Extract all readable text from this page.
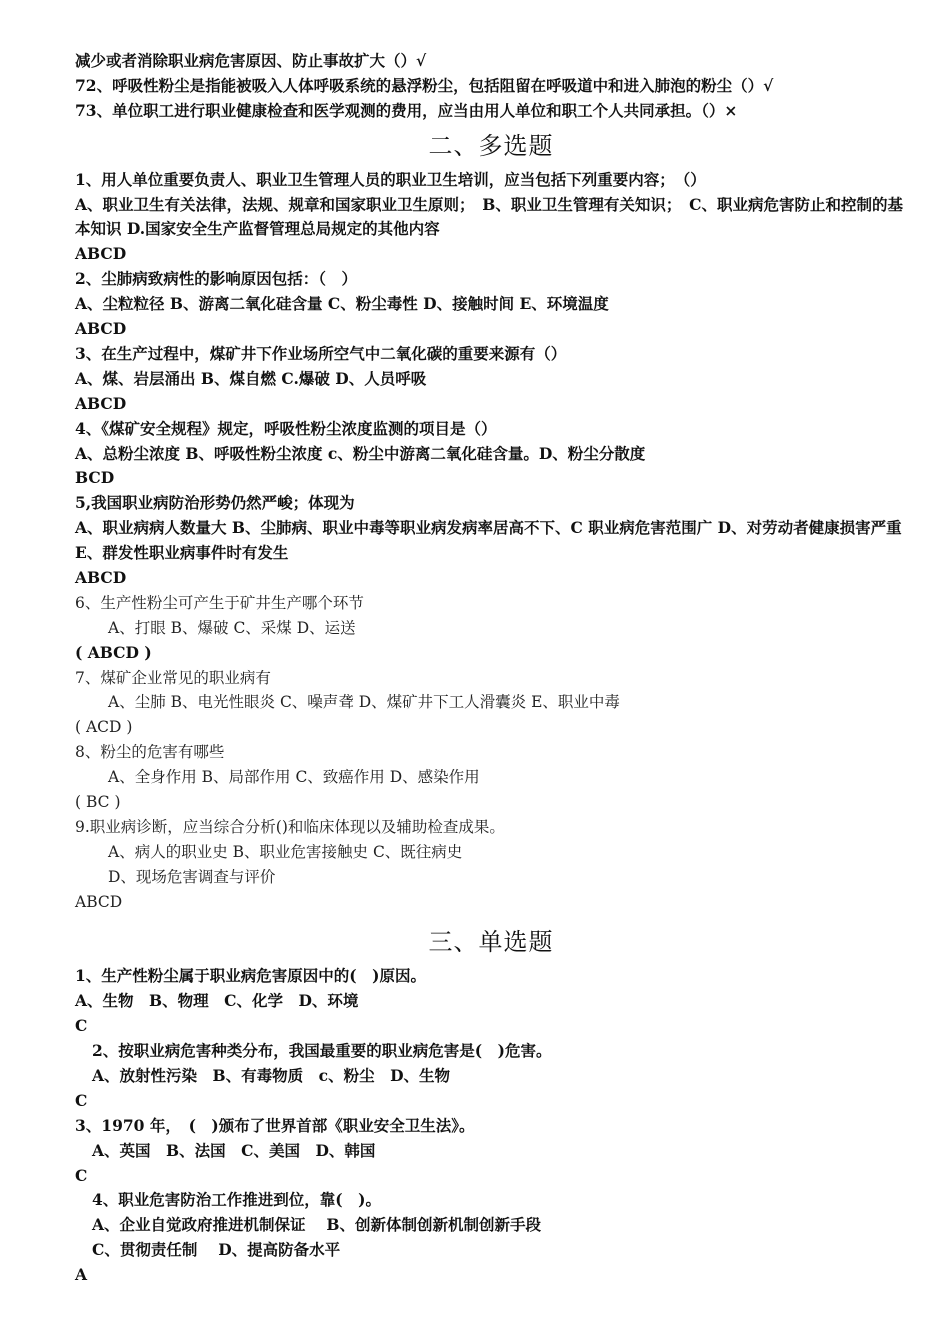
减少或者消除职业病危害原因、防止事故扩大（）√
72、呼吸性粉尘是指能被吸入人体呼吸系统的悬浮粉尘，包括阻留在呼吸道中和进入肺泡的粉尘（）√
73、单位职工进行职业健康检查和医学观测的费用，应当由用人单位和职工个人共同承担。（）×
二、多选题
1、用人单位重要负责人、职业卫生管理人员的职业卫生培训，应当包括下列重要内容；　（）
A、职业卫生有关法律，法规、规章和国家职业卫生原则；　B、职业卫生管理有关知识；　C、职业病危害防止和控制的基本知识 D.国家安全生产监督管理总局规定的其他内容
ABCD
2、尘肺病致病性的影响原因包括：（　）
A、尘粒粒径 B、游离二氧化硅含量 C、粉尘毒性 D、接触时间 E、环境温度
ABCD
3、在生产过程中，煤矿井下作业场所空气中二氧化碳的重要来源有（）
A、煤、岩层涌出 B、煤自燃 C.爆破 D、人员呼吸
ABCD
4、《煤矿安全规程》规定，呼吸性粉尘浓度监测的项目是（）
A、总粉尘浓度 B、呼吸性粉尘浓度 c、粉尘中游离二氧化硅含量。D、粉尘分散度
BCD
5,我国职业病防治形势仍然严峻；体现为
A、职业病病人数量大 B、尘肺病、职业中毒等职业病发病率居高不下、C 职业病危害范围广 D、对劳动者健康损害严重 E、群发性职业病事件时有发生
ABCD
6、生产性粉尘可产生于矿井生产哪个环节
A、打眼 B、爆破 C、采煤 D、运送
( ABCD )
7、煤矿企业常见的职业病有
A、尘肺 B、电光性眼炎 C、噪声聋 D、煤矿井下工人滑囊炎 E、职业中毒
( ACD )
8、粉尘的危害有哪些
A、全身作用 B、局部作用 C、致癌作用 D、感染作用
( BC )
9.职业病诊断，应当综合分析()和临床体现以及辅助检查成果。
A、病人的职业史 B、职业危害接触史 C、既往病史
D、现场危害调查与评价
ABCD
三、单选题
1、生产性粉尘属于职业病危害原因中的(　)原因。
A、生物　B、物理　C、化学　D、环境
C
2、按职业病危害种类分布，我国最重要的职业病危害是(　)危害。
A、放射性污染　B、有毒物质　c、粉尘　D、生物
C
3、1970 年，　(　)颁布了世界首部《职业安全卫生法》。
A、英国　B、法国　C、美国　D、韩国
C
4、职业危害防治工作推进到位，靠(　)。
A、企业自觉政府推进机制保证　 B、创新体制创新机制创新手段
C、贯彻责任制　 D、提高防备水平
A
